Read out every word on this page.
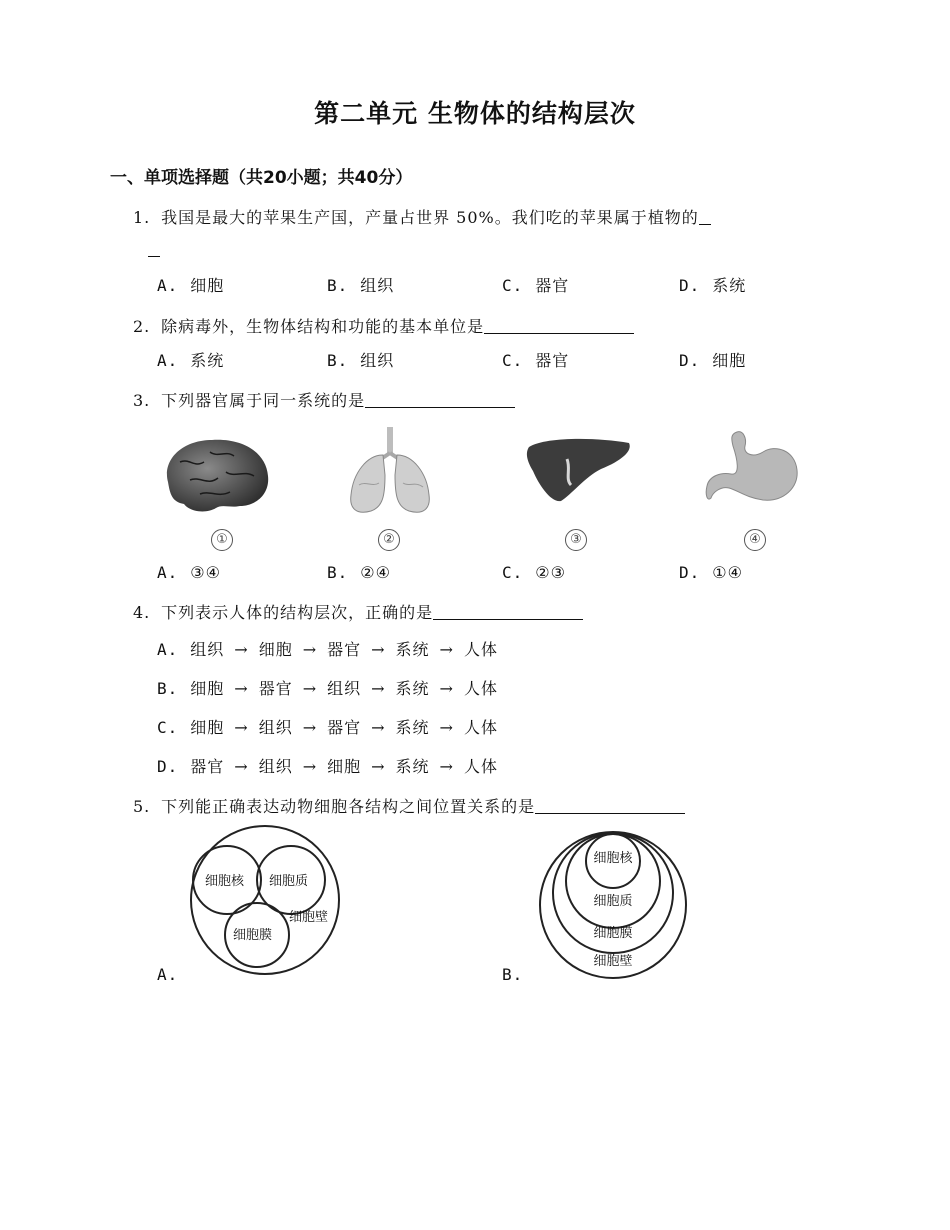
第二单元 生物体的结构层次
一、单项选择题（共20小题；共40分）
1. 我国是最大的苹果生产国，产量占世界 50%。我们吃的苹果属于植物的
A. 细胞	B. 组织	C. 器官	D. 系统
2. 除病毒外，生物体结构和功能的基本单位是
A. 系统	B. 组织	C. 器官	D. 细胞
3. 下列器官属于同一系统的是
①	②	③	④
A. ③④	B. ②④	C. ②③	D. ①④
4. 下列表示人体的结构层次，正确的是
A. 组织 → 细胞 → 器官 → 系统 → 人体
B. 细胞 → 器官 → 组织 → 系统 → 人体
C. 细胞 → 组织 → 器官 → 系统 → 人体
D. 器官 → 组织 → 细胞 → 系统 → 人体
5. 下列能正确表达动物细胞各结构之间位置关系的是
细胞核 细胞质
细胞膜
细胞壁
A.
细胞核
细胞质
细胞膜
细胞壁
B.
